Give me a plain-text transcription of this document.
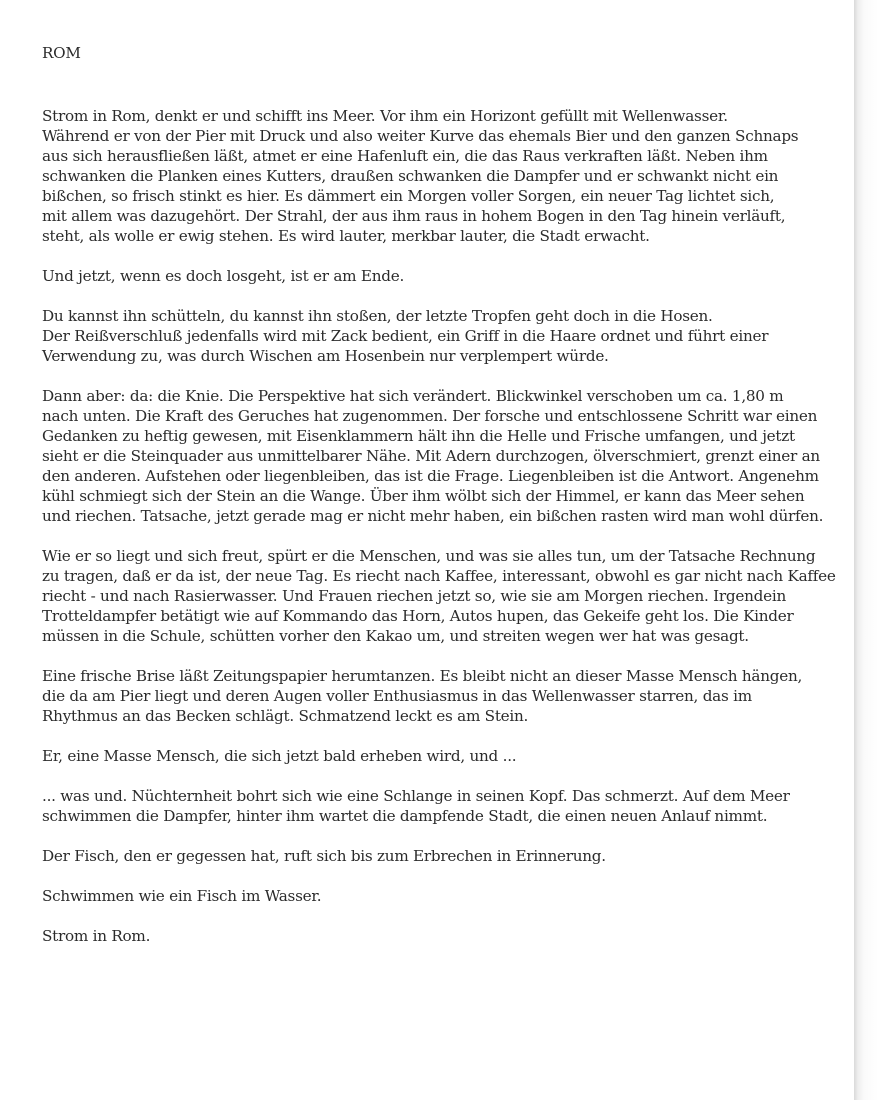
ROM

Strom in Rom, denkt er und schifft ins Meer. Vor ihm ein Horizont gefüllt mit Wellenwasser.
Während er von der Pier mit Druck und also weiter Kurve das ehemals Bier und den ganzen Schnaps
aus sich herausfließen läßt, atmet er eine Hafenluft ein, die das Raus verkraften läßt. Neben ihm
schwanken die Planken eines Kutters, draußen schwanken die Dampfer und er schwankt nicht ein
bißchen, so frisch stinkt es hier. Es dämmert ein Morgen voller Sorgen, ein neuer Tag lichtet sich,
mit allem was dazugehört. Der Strahl, der aus ihm raus in hohem Bogen in den Tag hinein verläuft,
steht, als wolle er ewig stehen. Es wird lauter, merkbar lauter, die Stadt erwacht.

Und jetzt, wenn es doch losgeht, ist er am Ende.

Du kannst ihn schütteln, du kannst ihn stoßen, der letzte Tropfen geht doch in die Hosen.
Der Reißverschluß jedenfalls wird mit Zack bedient, ein Griff in die Haare ordnet und führt einer
Verwendung zu, was durch Wischen am Hosenbein nur verplempert würde.

Dann aber: da: die Knie. Die Perspektive hat sich verändert. Blickwinkel verschoben um ca. 1,80 m
nach unten. Die Kraft des Geruches hat zugenommen. Der forsche und entschlossene Schritt war einen
Gedanken zu heftig gewesen, mit Eisenklammern hält ihn die Helle und Frische umfangen, und jetzt
sieht er die Steinquader aus unmittelbarer Nähe. Mit Adern durchzogen, ölverschmiert, grenzt einer an
den anderen. Aufstehen oder liegenbleiben, das ist die Frage. Liegenbleiben ist die Antwort. Angenehm
kühl schmiegt sich der Stein an die Wange. Über ihm wölbt sich der Himmel, er kann das Meer sehen
und riechen. Tatsache, jetzt gerade mag er nicht mehr haben, ein bißchen rasten wird man wohl dürfen.

Wie er so liegt und sich freut, spürt er die Menschen, und was sie alles tun, um der Tatsache Rechnung
zu tragen, daß er da ist, der neue Tag. Es riecht nach Kaffee, interessant, obwohl es gar nicht nach Kaffee
riecht - und nach Rasierwasser. Und Frauen riechen jetzt so, wie sie am Morgen riechen. Irgendein
Trotteldampfer betätigt wie auf Kommando das Horn, Autos hupen, das Gekeife geht los. Die Kinder
müssen in die Schule, schütten vorher den Kakao um, und streiten wegen wer hat was gesagt.

Eine frische Brise läßt Zeitungspapier herumtanzen. Es bleibt nicht an dieser Masse Mensch hängen,
die da am Pier liegt und deren Augen voller Enthusiasmus in das Wellenwasser starren, das im
Rhythmus an das Becken schlägt. Schmatzend leckt es am Stein.

Er, eine Masse Mensch, die sich jetzt bald erheben wird, und ...

... was und. Nüchternheit bohrt sich wie eine Schlange in seinen Kopf. Das schmerzt. Auf dem Meer
schwimmen die Dampfer, hinter ihm wartet die dampfende Stadt, die einen neuen Anlauf nimmt.

Der Fisch, den er gegessen hat, ruft sich bis zum Erbrechen in Erinnerung.

Schwimmen wie ein Fisch im Wasser.

Strom in Rom.
